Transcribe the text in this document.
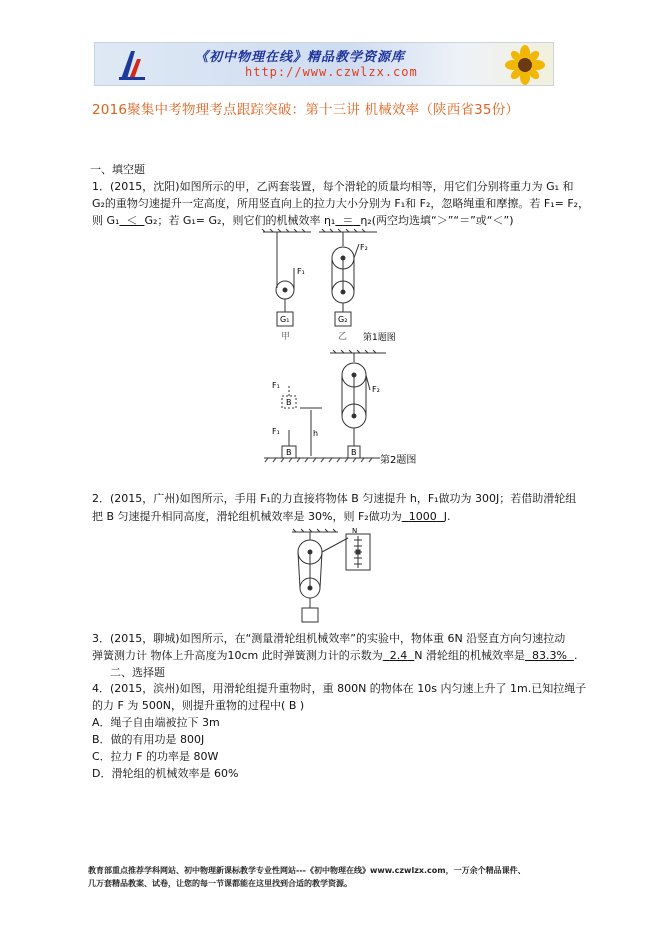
《初中物理在线》精品教学资源库
http://www.czwlzx.com
2016聚集中考物理考点跟踪突破：第十三讲 机械效率（陕西省35份）
一、填空题
1．(2015，沈阳)如图所示的甲，乙两套装置，每个滑轮的质量均相等，用它们分别将重力为 G₁ 和
G₂的重物匀速提升一定高度，所用竖直向上的拉力大小分别为 F₁和 F₂，忽略绳重和摩擦。若 F₁= F₂，
则 G₁ ＜ G₂；若 G₁= G₂，则它们的机械效率 η₁ ＝ η₂(两空均选填“＞”“＝”或“＜”)
F₁
F₂
G₁	G₂
甲	乙 第1题图
F₁
B
F₁
B
h
F₂
B
第2题图
2．(2015，广州)如图所示，手用 F₁的力直接将物体 B 匀速提升 h，F₁做功为 300J；若借助滑轮组
把 B 匀速提升相同高度，滑轮组机械效率是 30%，则 F₂做功为 1000 J.
N
3．(2015，聊城)如图所示，在“测量滑轮组机械效率”的实验中，物体重 6N 沿竖直方向匀速拉动
弹簧测力计 物体上升高度为10cm 此时弹簧测力计的示数为 2.4 N 滑轮组的机械效率是 83.3% .
二、选择题
4．(2015，滨州)如图，用滑轮组提升重物时，重 800N 的物体在 10s 内匀速上升了 1m.已知拉绳子
的力 F 为 500N，则提升重物的过程中( B )
A．绳子自由端被拉下 3m
B．做的有用功是 800J
C．拉力 F 的功率是 80W
D．滑轮组的机械效率是 60%
教育部重点推荐学科网站、初中物理新课标教学专业性网站---《初中物理在线》www.czwlzx.com，一万余个精品课件、
几万套精品教案、试卷，让您的每一节课都能在这里找到合适的教学资源。
